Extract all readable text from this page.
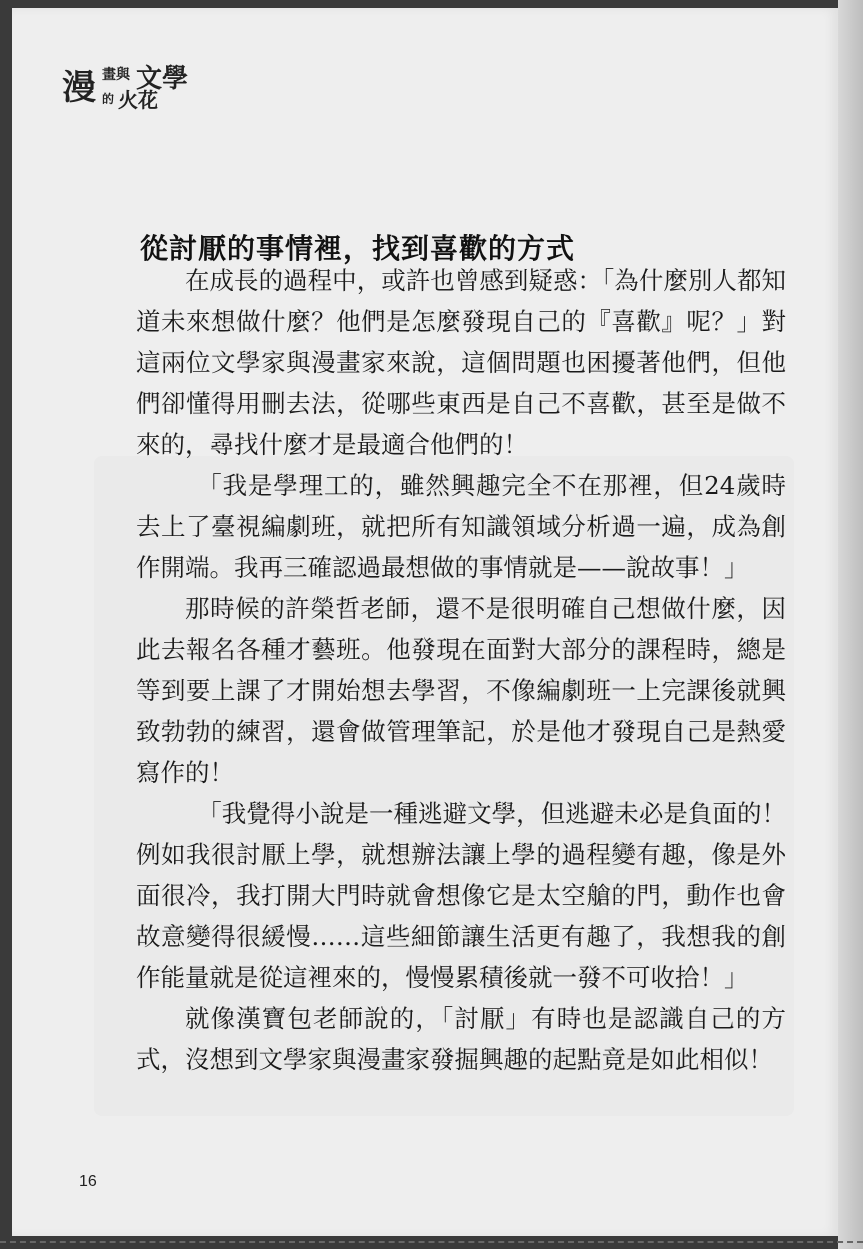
漫 畫與 文學
的 火花
從討厭的事情裡，找到喜歡的方式

在成長的過程中，或許也曾感到疑惑：「為什麼別人都知道未來想做什麼？他們是怎麼發現自己的『喜歡』呢？」對這兩位文學家與漫畫家來說，這個問題也困擾著他們，但他們卻懂得用刪去法，從哪些東西是自己不喜歡，甚至是做不來的，尋找什麼才是最適合他們的！

「我是學理工的，雖然興趣完全不在那裡，但24歲時去上了臺視編劇班，就把所有知識領域分析過一遍，成為創作開端。我再三確認過最想做的事情就是——說故事！」

那時候的許榮哲老師，還不是很明確自己想做什麼，因此去報名各種才藝班。他發現在面對大部分的課程時，總是等到要上課了才開始想去學習，不像編劇班一上完課後就興致勃勃的練習，還會做管理筆記，於是他才發現自己是熱愛寫作的！

「我覺得小說是一種逃避文學，但逃避未必是負面的！例如我很討厭上學，就想辦法讓上學的過程變有趣，像是外面很冷，我打開大門時就會想像它是太空艙的門，動作也會故意變得很緩慢……這些細節讓生活更有趣了，我想我的創作能量就是從這裡來的，慢慢累積後就一發不可收拾！」

就像漢寶包老師說的，「討厭」有時也是認識自己的方式，沒想到文學家與漫畫家發掘興趣的起點竟是如此相似！

16
